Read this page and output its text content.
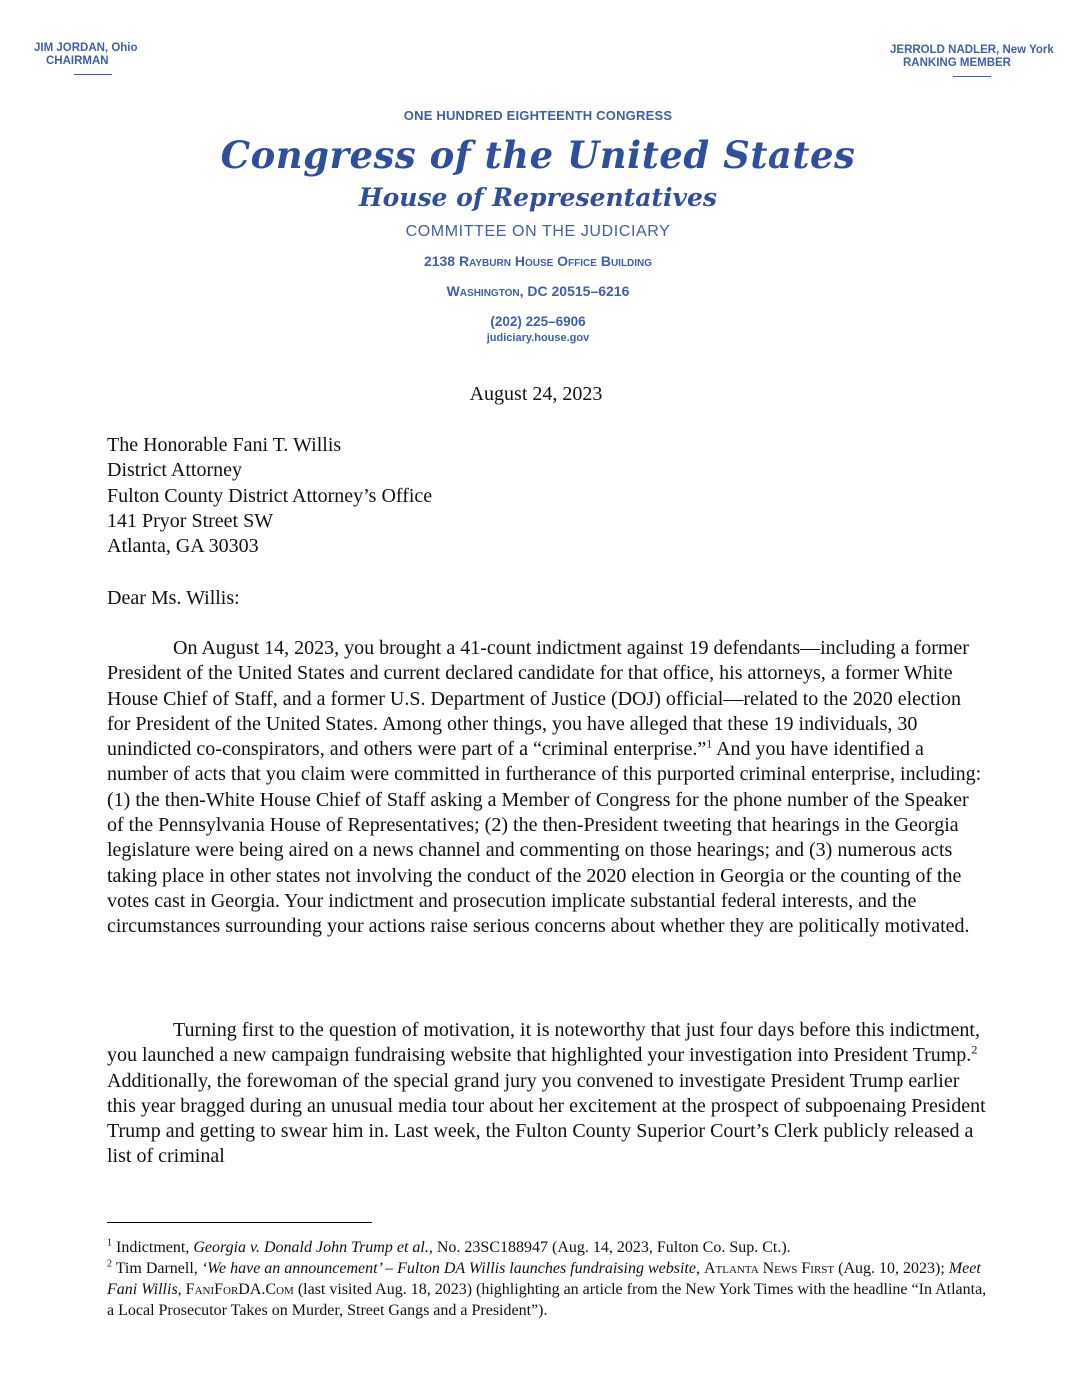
JIM JORDAN, Ohio
CHAIRMAN
JERROLD NADLER, New York
RANKING MEMBER
ONE HUNDRED EIGHTEENTH CONGRESS
Congress of the United States
House of Representatives
COMMITTEE ON THE JUDICIARY
2138 Rayburn House Office Building
Washington, DC 20515–6216
(202) 225–6906
judiciary.house.gov
August 24, 2023
The Honorable Fani T. Willis
District Attorney
Fulton County District Attorney’s Office
141 Pryor Street SW
Atlanta, GA 30303
Dear Ms. Willis:

On August 14, 2023, you brought a 41-count indictment against 19 defendants—including a former President of the United States and current declared candidate for that office, his attorneys, a former White House Chief of Staff, and a former U.S. Department of Justice (DOJ) official—related to the 2020 election for President of the United States. Among other things, you have alleged that these 19 individuals, 30 unindicted co-conspirators, and others were part of a “criminal enterprise.”$^1$ And you have identified a number of acts that you claim were committed in furtherance of this purported criminal enterprise, including: (1) the then-White House Chief of Staff asking a Member of Congress for the phone number of the Speaker of the Pennsylvania House of Representatives; (2) the then-President tweeting that hearings in the Georgia legislature were being aired on a news channel and commenting on those hearings; and (3) numerous acts taking place in other states not involving the conduct of the 2020 election in Georgia or the counting of the votes cast in Georgia. Your indictment and prosecution implicate substantial federal interests, and the circumstances surrounding your actions raise serious concerns about whether they are politically motivated.

Turning first to the question of motivation, it is noteworthy that just four days before this indictment, you launched a new campaign fundraising website that highlighted your investigation into President Trump.$^2$ Additionally, the forewoman of the special grand jury you convened to investigate President Trump earlier this year bragged during an unusual media tour about her excitement at the prospect of subpoenaing President Trump and getting to swear him in. Last week, the Fulton County Superior Court’s Clerk publicly released a list of criminal

$^1$ Indictment, Georgia v. Donald John Trump et al., No. 23SC188947 (Aug. 14, 2023, Fulton Co. Sup. Ct.).

$^2$ Tim Darnell, ‘We have an announcement’ – Fulton DA Willis launches fundraising website, Atlanta News First (Aug. 10, 2023); Meet Fani Willis, FaniForDA.Com (last visited Aug. 18, 2023) (highlighting an article from the New York Times with the headline “In Atlanta, a Local Prosecutor Takes on Murder, Street Gangs and a President”).
